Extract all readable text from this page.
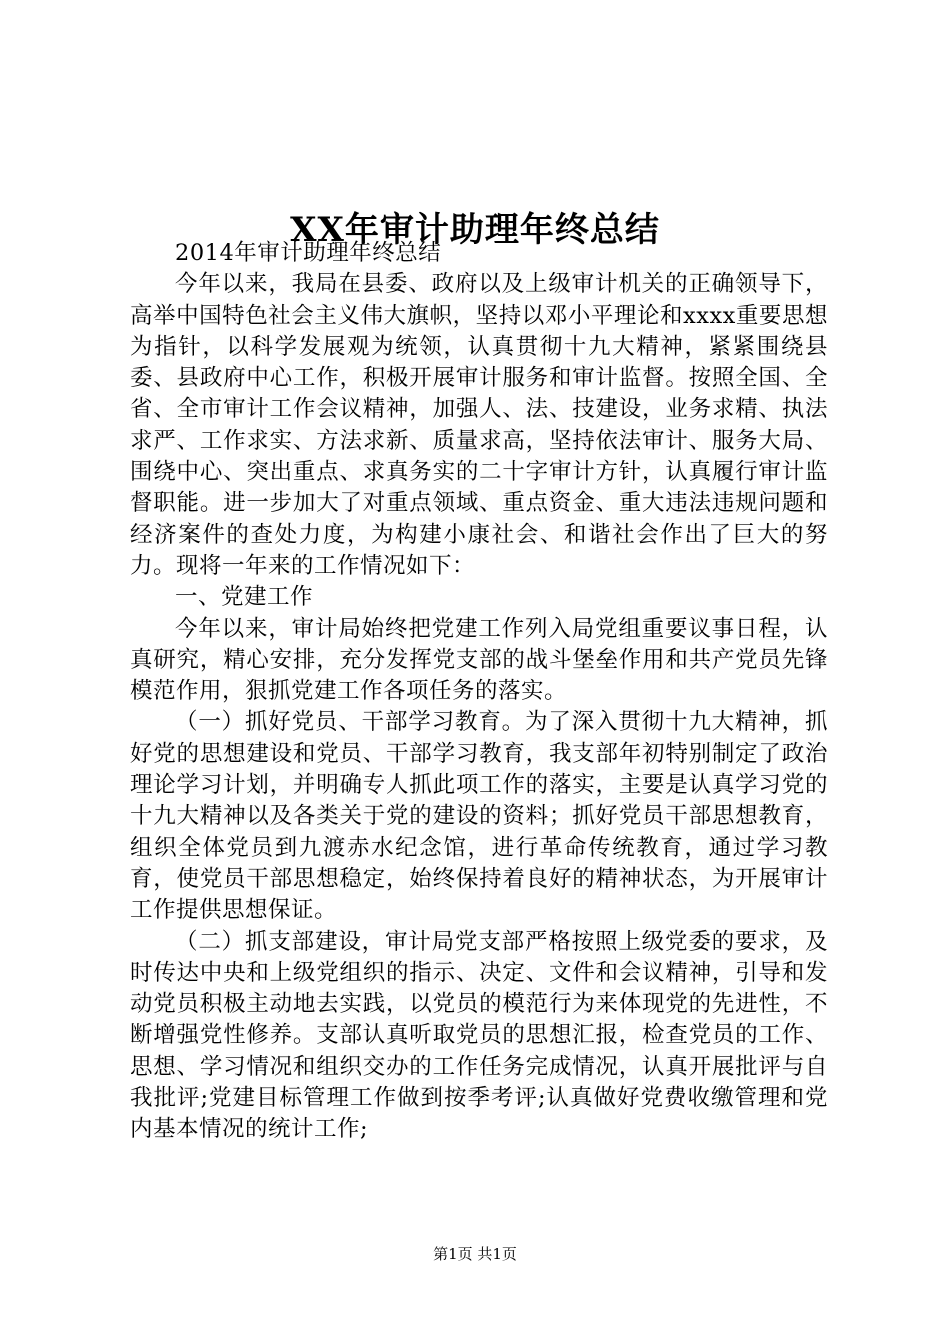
XX年审计助理年终总结

2014年审计助理年终总结

今年以来，我局在县委、政府以及上级审计机关的正确领导下，高举中国特色社会主义伟大旗帜，坚持以邓小平理论和xxxx重要思想为指针，以科学发展观为统领，认真贯彻十九大精神，紧紧围绕县委、县政府中心工作，积极开展审计服务和审计监督。按照全国、全省、全市审计工作会议精神，加强人、法、技建设，业务求精、执法求严、工作求实、方法求新、质量求高，坚持依法审计、服务大局、围绕中心、突出重点、求真务实的二十字审计方针，认真履行审计监督职能。进一步加大了对重点领域、重点资金、重大违法违规问题和经济案件的查处力度，为构建小康社会、和谐社会作出了巨大的努力。现将一年来的工作情况如下：

一、党建工作

今年以来，审计局始终把党建工作列入局党组重要议事日程，认真研究，精心安排，充分发挥党支部的战斗堡垒作用和共产党员先锋模范作用，狠抓党建工作各项任务的落实。

（一）抓好党员、干部学习教育。为了深入贯彻十九大精神，抓好党的思想建设和党员、干部学习教育，我支部年初特别制定了政治理论学习计划，并明确专人抓此项工作的落实，主要是认真学习党的十九大精神以及各类关于党的建设的资料；抓好党员干部思想教育，组织全体党员到九渡赤水纪念馆，进行革命传统教育，通过学习教育，使党员干部思想稳定，始终保持着良好的精神状态，为开展审计工作提供思想保证。

（二）抓支部建设，审计局党支部严格按照上级党委的要求，及时传达中央和上级党组织的指示、决定、文件和会议精神，引导和发动党员积极主动地去实践，以党员的模范行为来体现党的先进性，不断增强党性修养。支部认真听取党员的思想汇报，检查党员的工作、思想、学习情况和组织交办的工作任务完成情况，认真开展批评与自我批评;党建目标管理工作做到按季考评;认真做好党费收缴管理和党内基本情况的统计工作;

第1页 共1页
